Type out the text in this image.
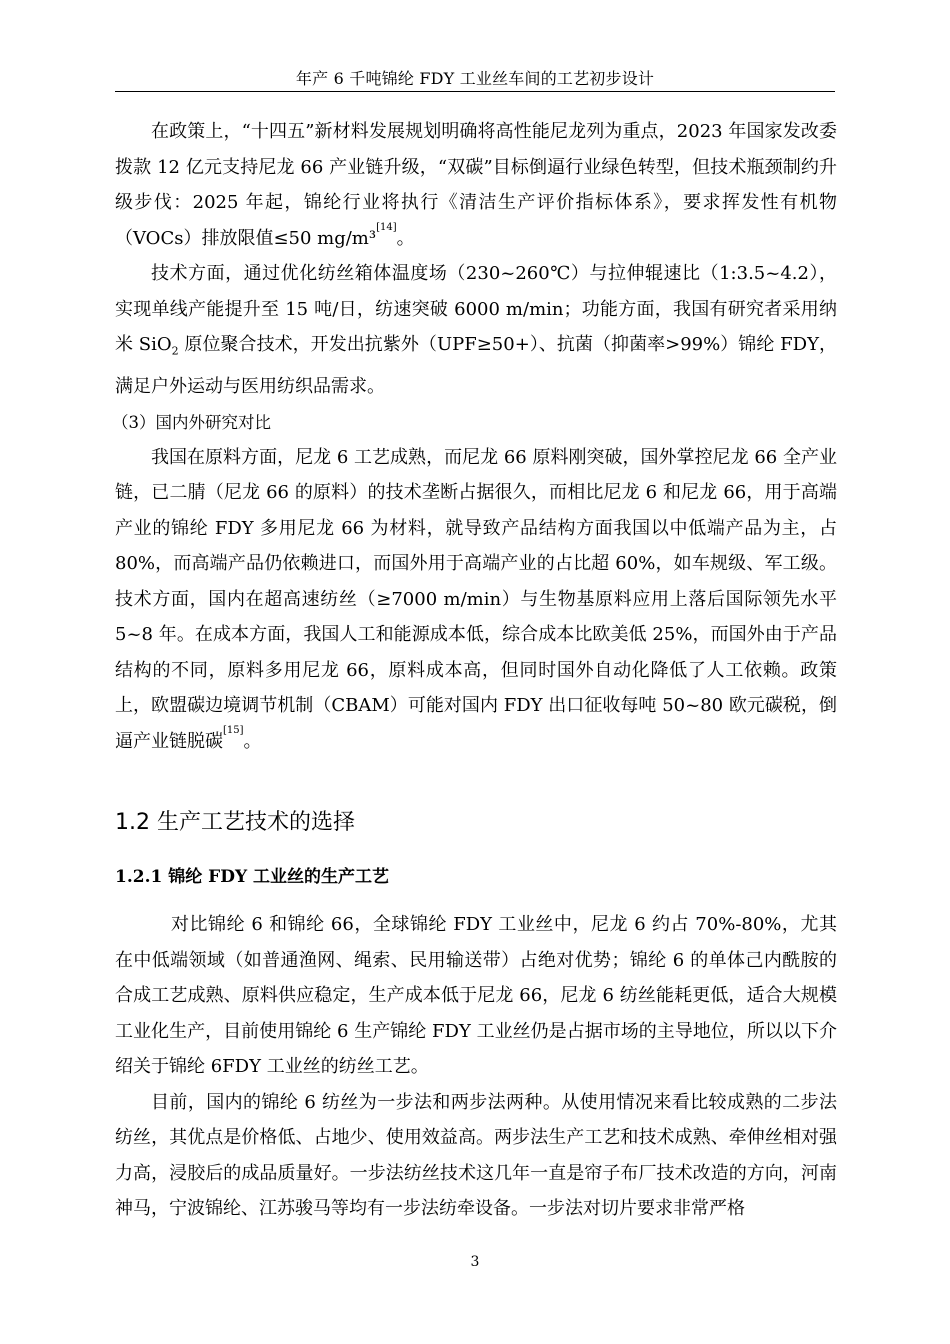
年产 6 千吨锦纶 FDY 工业丝车间的工艺初步设计

在政策上，“十四五”新材料发展规划明确将高性能尼龙列为重点，2023 年国家发改委拨款 12 亿元支持尼龙 66 产业链升级，“双碳”目标倒逼行业绿色转型，但技术瓶颈制约升级步伐：2025 年起，锦纶行业将执行《清洁生产评价指标体系》，要求挥发性有机物（VOCs）排放限值≤50 mg/m³[14]。

技术方面，通过优化纺丝箱体温度场（230~260℃）与拉伸辊速比（1:3.5~4.2），实现单线产能提升至 15 吨/日，纺速突破 6000 m/min；功能方面，我国有研究者采用纳米 SiO$_2$ 原位聚合技术，开发出抗紫外（UPF≥50+）、抗菌（抑菌率>99%）锦纶 FDY，满足户外运动与医用纺织品需求。

（3）国内外研究对比

我国在原料方面，尼龙 6 工艺成熟，而尼龙 66 原料刚突破，国外掌控尼龙 66 全产业链，已二腈（尼龙 66 的原料）的技术垄断占据很久，而相比尼龙 6 和尼龙 66，用于高端产业的锦纶 FDY 多用尼龙 66 为材料，就导致产品结构方面我国以中低端产品为主，占 80%，而高端产品仍依赖进口，而国外用于高端产业的占比超 60%，如车规级、军工级。技术方面，国内在超高速纺丝（≥7000 m/min）与生物基原料应用上落后国际领先水平 5~8 年。在成本方面，我国人工和能源成本低，综合成本比欧美低 25%，而国外由于产品结构的不同，原料多用尼龙 66，原料成本高，但同时国外自动化降低了人工依赖。政策上，欧盟碳边境调节机制（CBAM）可能对国内 FDY 出口征收每吨 50~80 欧元碳税，倒逼产业链脱碳[15]。

1.2 生产工艺技术的选择
1.2.1 锦纶 FDY 工业丝的生产工艺

对比锦纶 6 和锦纶 66，全球锦纶 FDY 工业丝中，尼龙 6 约占 70%-80%，尤其在中低端领域（如普通渔网、绳索、民用输送带）占绝对优势；锦纶 6 的单体己内酰胺的合成工艺成熟、原料供应稳定，生产成本低于尼龙 66，尼龙 6 纺丝能耗更低，适合大规模工业化生产，目前使用锦纶 6 生产锦纶 FDY 工业丝仍是占据市场的主导地位，所以以下介绍关于锦纶 6FDY 工业丝的纺丝工艺。

目前，国内的锦纶 6 纺丝为一步法和两步法两种。从使用情况来看比较成熟的二步法纺丝，其优点是价格低、占地少、使用效益高。两步法生产工艺和技术成熟、牵伸丝相对强力高，浸胶后的成品质量好。一步法纺丝技术这几年一直是帘子布厂技术改造的方向，河南神马，宁波锦纶、江苏骏马等均有一步法纺牵设备。一步法对切片要求非常严格

3
